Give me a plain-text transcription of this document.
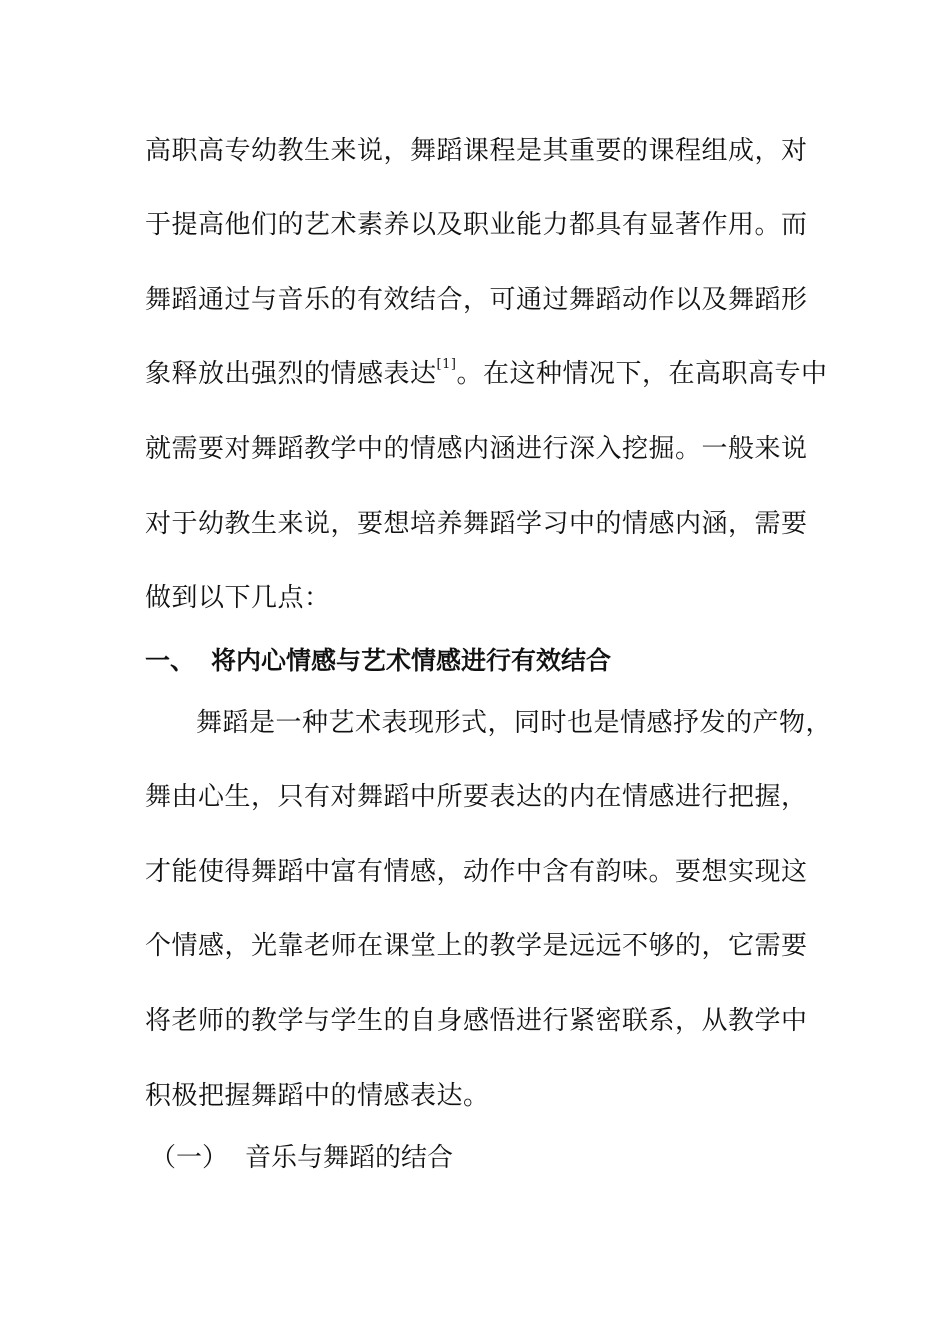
高职高专幼教生来说，舞蹈课程是其重要的课程组成，对
于提高他们的艺术素养以及职业能力都具有显著作用。而
舞蹈通过与音乐的有效结合，可通过舞蹈动作以及舞蹈形
象释放出强烈的情感表达[1]。在这种情况下，在高职高专中
就需要对舞蹈教学中的情感内涵进行深入挖掘。一般来说
对于幼教生来说，要想培养舞蹈学习中的情感内涵，需要
做到以下几点：
一、 将内心情感与艺术情感进行有效结合
舞蹈是一种艺术表现形式，同时也是情感抒发的产物，
舞由心生，只有对舞蹈中所要表达的内在情感进行把握，
才能使得舞蹈中富有情感，动作中含有韵味。要想实现这
个情感，光靠老师在课堂上的教学是远远不够的，它需要
将老师的教学与学生的自身感悟进行紧密联系，从教学中
积极把握舞蹈中的情感表达。
（一） 音乐与舞蹈的结合
